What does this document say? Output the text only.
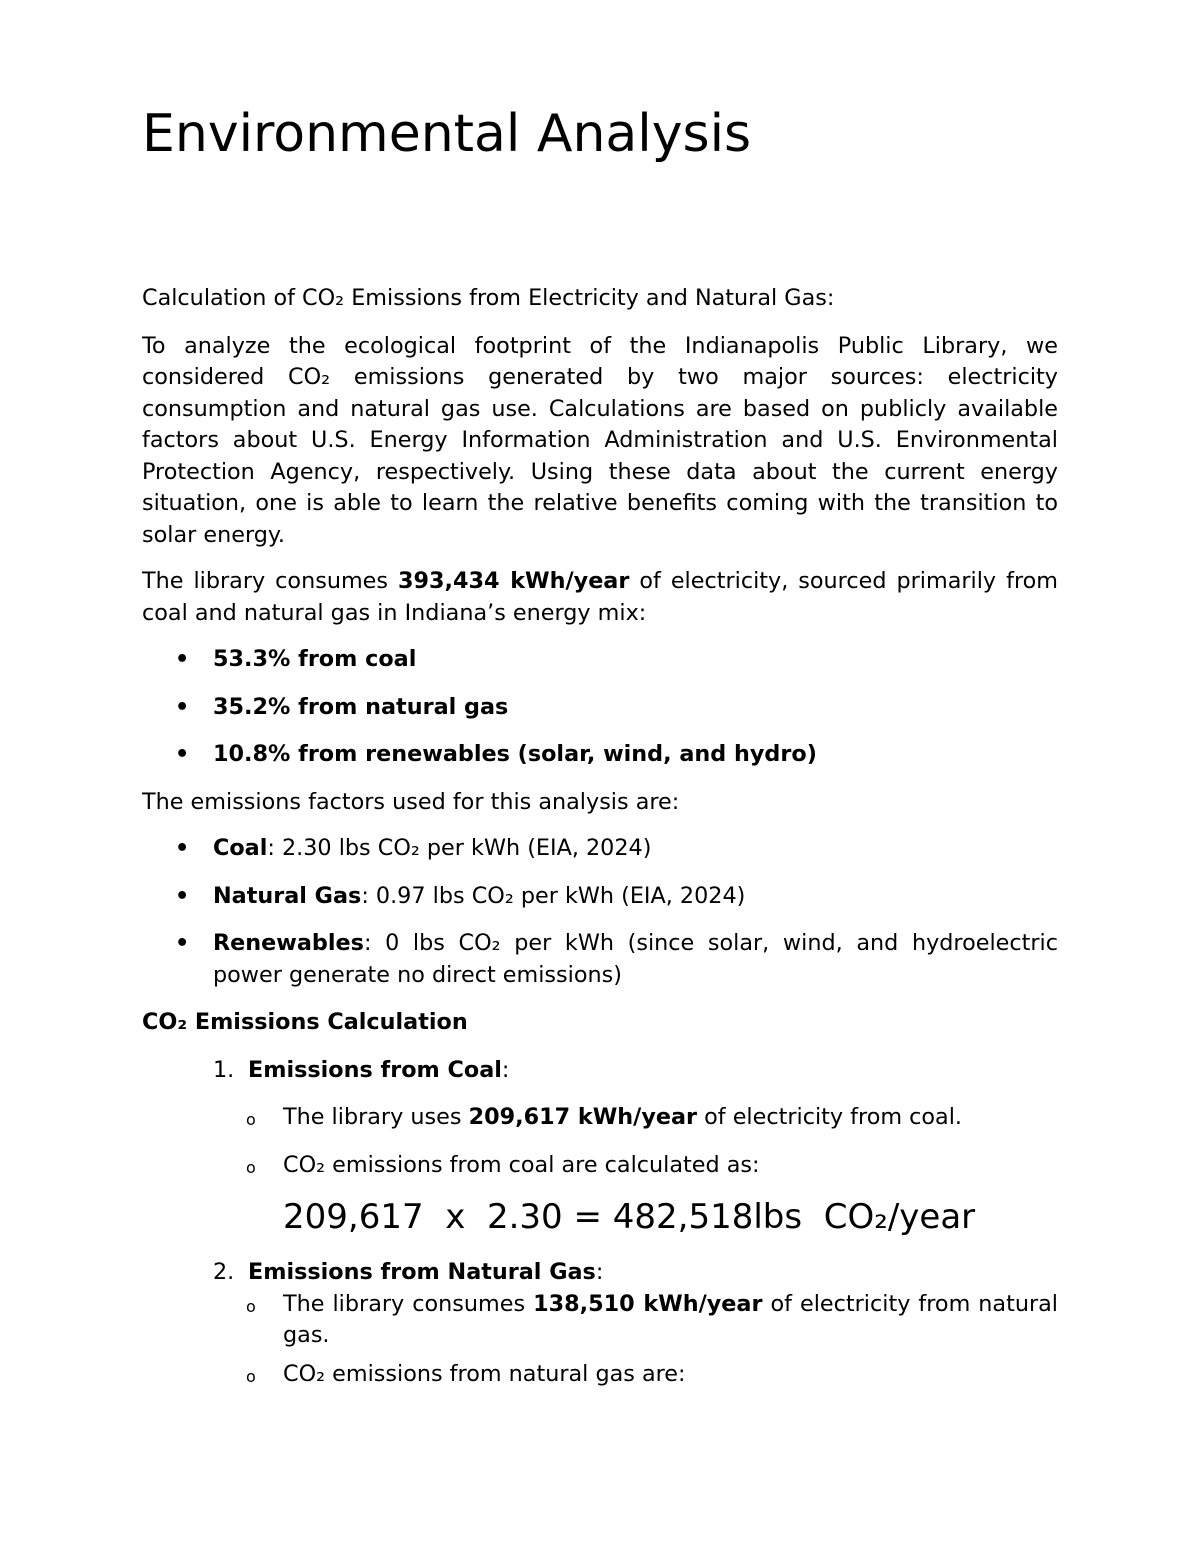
Environmental Analysis

Calculation of CO₂ Emissions from Electricity and Natural Gas:

To analyze the ecological footprint of the Indianapolis Public Library, we considered CO₂ emissions generated by two major sources: electricity consumption and natural gas use. Calculations are based on publicly available factors about U.S. Energy Information Administration and U.S. Environmental Protection Agency, respectively. Using these data about the current energy situation, one is able to learn the relative benefits coming with the transition to solar energy.

The library consumes 393,434 kWh/year of electricity, sourced primarily from coal and natural gas in Indiana’s energy mix:

• 53.3% from coal
• 35.2% from natural gas
• 10.8% from renewables (solar, wind, and hydro)

The emissions factors used for this analysis are:

• Coal: 2.30 lbs CO₂ per kWh (EIA, 2024)
• Natural Gas: 0.97 lbs CO₂ per kWh (EIA, 2024)
• Renewables: 0 lbs CO₂ per kWh (since solar, wind, and hydroelectric power generate no direct emissions)

CO₂ Emissions Calculation

1. Emissions from Coal:
o The library uses 209,617 kWh/year of electricity from coal.
o CO₂ emissions from coal are calculated as:
209,617  x  2.30 = 482,518lbs  CO₂/year
2. Emissions from Natural Gas:
o The library consumes 138,510 kWh/year of electricity from natural gas.
o CO₂ emissions from natural gas are:
